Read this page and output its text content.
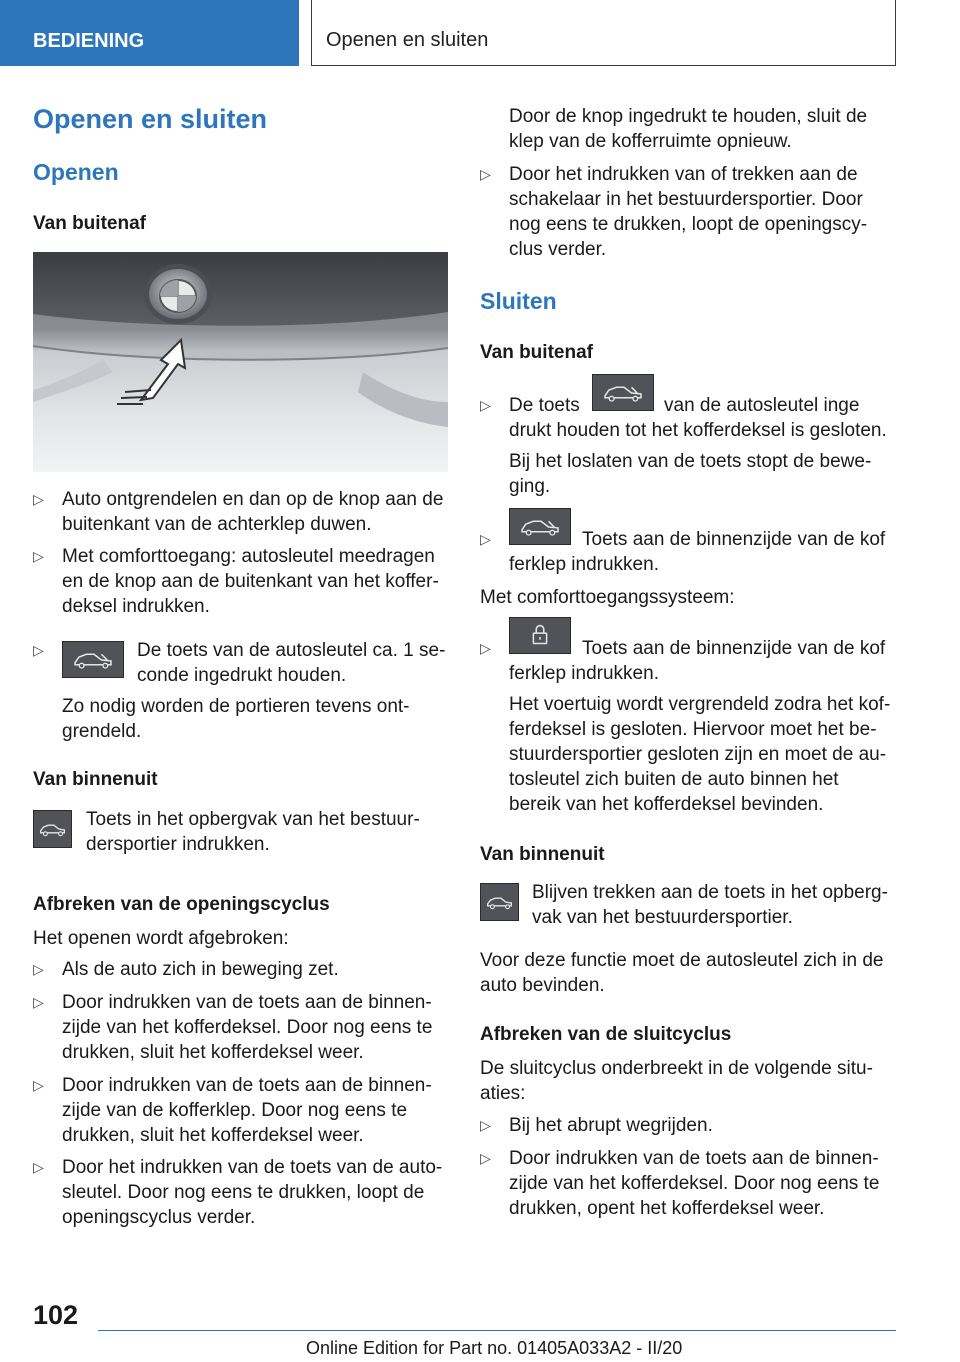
BEDIENING	Openen en sluiten
Openen en sluiten
Openen
Van buitenaf
▷ Auto ontgrendelen en dan op de knop aan de buitenkant van de achterklep duwen.
▷ Met comforttoegang: autosleutel meedragen en de knop aan de buitenkant van het kofferdeksel indrukken.
▷	De toets van de autosleutel ca. 1 seconde ingedrukt houden.
Zo nodig worden de portieren tevens ontgrendeld.
Van binnenuit
Toets in het opbergvak van het bestuurdersportier indrukken.
Afbreken van de openingscyclus
Het openen wordt afgebroken:
▷ Als de auto zich in beweging zet.
▷ Door indrukken van de toets aan de binnenzijde van het kofferdeksel. Door nog eens te drukken, sluit het kofferdeksel weer.
▷ Door indrukken van de toets aan de binnenzijde van de kofferklep. Door nog eens te drukken, sluit het kofferdeksel weer.
▷ Door het indrukken van de toets van de autosleutel. Door nog eens te drukken, loopt de openingscyclus verder.
Door de knop ingedrukt te houden, sluit de klep van de kofferruimte opnieuw.
▷ Door het indrukken van of trekken aan de schakelaar in het bestuurdersportier. Door nog eens te drukken, loopt de openingscyclus verder.
Sluiten
Van buitenaf
▷ De toets	van de autosleutel inge
drukt houden tot het kofferdeksel is gesloten.
Bij het loslaten van de toets stopt de beweging.
▷	Toets aan de binnenzijde van de kof
ferklep indrukken.
Met comforttoegangssysteem:
▷	Toets aan de binnenzijde van de kof
ferklep indrukken.
Het voertuig wordt vergrendeld zodra het kofferdeksel is gesloten. Hiervoor moet het bestuurdersportier gesloten zijn en moet de autosleutel zich buiten de auto binnen het bereik van het kofferdeksel bevinden.
Van binnenuit
Blijven trekken aan de toets in het opbergvak van het bestuurdersportier.
Voor deze functie moet de autosleutel zich in de auto bevinden.
Afbreken van de sluitcyclus
De sluitcyclus onderbreekt in de volgende situaties:
▷ Bij het abrupt wegrijden.
▷ Door indrukken van de toets aan de binnenzijde van het kofferdeksel. Door nog eens te drukken, opent het kofferdeksel weer.
102
Online Edition for Part no. 01405A033A2 - II/20
